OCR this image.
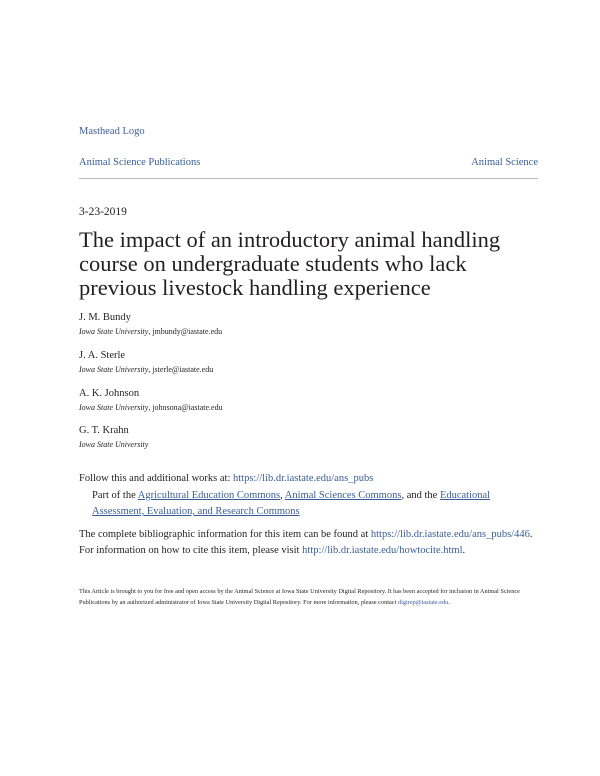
Masthead Logo
Animal Science Publications	Animal Science
3-23-2019
The impact of an introductory animal handling course on undergraduate students who lack previous livestock handling experience
J. M. Bundy
Iowa State University, jmbundy@iastate.edu
J. A. Sterle
Iowa State University, jsterle@iastate.edu
A. K. Johnson
Iowa State University, johnsona@iastate.edu
G. T. Krahn
Iowa State University
Follow this and additional works at: https://lib.dr.iastate.edu/ans_pubs
Part of the Agricultural Education Commons, Animal Sciences Commons, and the Educational Assessment, Evaluation, and Research Commons
The complete bibliographic information for this item can be found at https://lib.dr.iastate.edu/ans_pubs/446. For information on how to cite this item, please visit http://lib.dr.iastate.edu/howtocite.html.
This Article is brought to you for free and open access by the Animal Science at Iowa State University Digital Repository. It has been accepted for inclusion in Animal Science Publications by an authorized administrator of Iowa State University Digital Repository. For more information, please contact digirep@iastate.edu.
